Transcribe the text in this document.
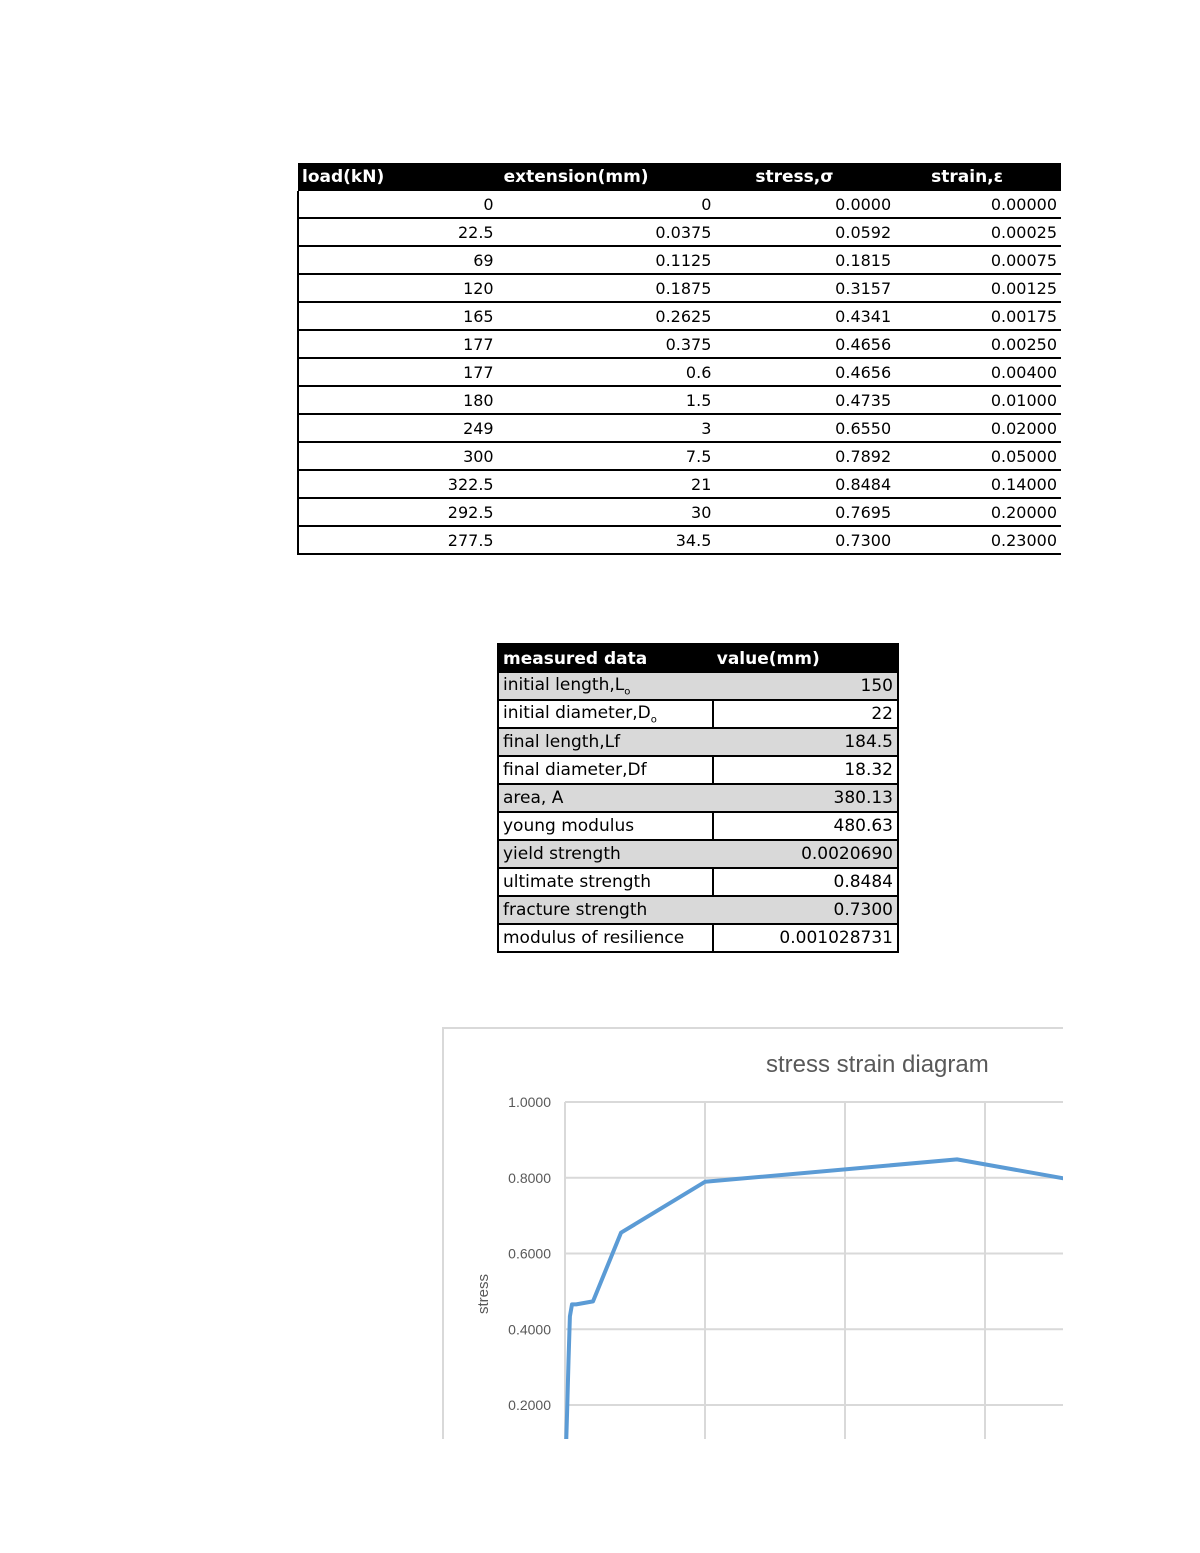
load(kN)	extension(mm)	stress,σ	strain,ε
0	0	0.0000	0.00000
22.5	0.0375	0.0592	0.00025
69	0.1125	0.1815	0.00075
120	0.1875	0.3157	0.00125
165	0.2625	0.4341	0.00175
177	0.375	0.4656	0.00250
177	0.6	0.4656	0.00400
180	1.5	0.4735	0.01000
249	3	0.6550	0.02000
300	7.5	0.7892	0.05000
322.5	21	0.8484	0.14000
292.5	30	0.7695	0.20000
277.5	34.5	0.7300	0.23000
measured data	value(mm)
initial $length,L_o$	150
initial $diameter,D_o$	22
final length,Lf	184.5
final diameter,Df	18.32
area, A	380.13
young modulus	480.63
yield strength	0.0020690
ultimate strength	0.8484
fracture strength	0.7300
modulus of resilience	0.001028731
1.0000
0.8000
0.6000
0.4000
0.2000
stress strain diagram
stress
